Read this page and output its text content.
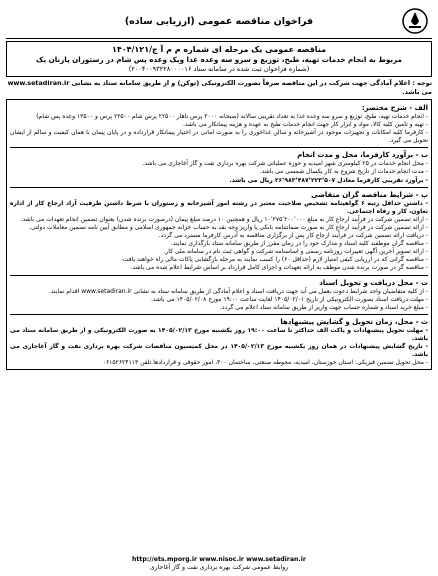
فراخوان مناقصه عمومی (ارزیابی ساده)
مناقصه عمومی یک مرحله ای شماره م م آ ج/۱۴۰۴/۱۲۱
مربوط به انجام خدمات تهیه، طبخ، توزیع و سرو سه وعده غذا ویک وعده پس شام در رستوران پازنان یک
(شماره فراخوان ثبت شده در سامانه ستاد ۲۰۰۴۰۰۹۳۲۲۸۰۰۰۰۱۶)
توجه : اعلام آمادگی جهت شرکت در این مناقصه صرفاً بصورت الکترونیکی (توکن) و از طریق سامانه ستاد به نشانی www.setadiran.ir می باشد.
الف - شرح مختصر:
- انجام خدمات تهیه، طبخ، توزیع و سرو سه وعده غذا به تعداد تقریبی سالانه (صبحانه ۲۰۰۰ پرس ناهار ۲۲۵۰۰ پرس شام ۲۲۵۰۰ پرس و ۱۳۵۰۰ وعده پس شام)
- تهیه و تامین کلیه کالا، مواد و ابزار کار جهت انجام خدمات طبخ به عهده و هزینه پیمانکار می باشد.
- کارفرما کلیه امکانات و تجهیزات موجود در آشپزخانه و سالن غذاخوری را به صورت امانی در اختیار پیمانکار قرارداده و در پایان پیمان با همان کیفیت و سالم از ایشان تحویل می گیرد.
ب - برآورد کارفرما، محل و مدت انجام
- محل انجام خدمات در ۲۵ کیلومتری شهر امیدیه و حوزه عملیاتی شرکت بهره برداری نفت و گاز آغاجاری می باشد.
- مدت انجام خدمات از تاریخ شروع به کار یکسال شمسی می باشد.
- برآورد تقریبی کارفرما معادل ۲۶٬۹۸۳٬۴۸۷٬۲۲۳٬۵۰۷ ریال می باشد.
پ - شرایط مناقصه گران متقاضی
- داشتن حداقل رتبه ۶ گواهینامه تشخیص صلاحیت معتبر در رشته امور آشپزخانه و رستوران با شرط داشتن ظرفیت آزاد ارجاع کار از اداره تعاون، کار و رفاه اجتماعی.
- ارائه تضمین شرکت در فرآیند ارجاع کار به مبلغ ۱۰٬۲۷۵٬۲۰۰٬۰۰۰ ریال و همچنین ۱۰ درصد مبلغ پیمان (درصورت برنده شدن) بعنوان تضمین انجام تعهدات می باشد.
- ارائه تضمین شرکت در فرآیند ارجاع کار به صورت ضمانتنامه بانکی یا واریز وجه نقد به حساب خزانه جمهوری اسلامی و مطابق آیین نامه تضمین معاملات دولتی.
- دریافت ارائه تضمین شرکت در فرآیند ارجاع کار پس از برگزاری مناقصه به آدرس کارفرما مسترد می گردد.
- مناقصه گران موظفند کلیه اسناد و مدارک خود را در زمان مقرر از طریق سامانه ستاد بارگذاری نمایند.
- ارائه تصویر آخرین آگهی تغییرات روزنامه رسمی و اساسنامه شرکت و گواهی ثبت نام در سامانه ملی کار.
- مناقصه گرانی که در ارزیابی کیفی امتیاز لازم (حداقل ۶۰) را کسب نمایند به مرحله بازگشایی پاکات مالی راه خواهند یافت.
- مناقصه گر در صورت برنده شدن موظف به ارائه تعهدات و اجرای کامل قرارداد بر اساس شرایط اعلام شده می باشد.
ت - محل دریافت و تحویل اسناد
- از کلیه متقاضیان واجد شرایط دعوت بعمل می آید جهت دریافت اسناد و اعلام آمادگی از طریق سامانه ستاد به نشانی www.setadiran.ir اقدام نمایند.
- مهلت دریافت اسناد بصورت الکترونیکی از تاریخ ۱۴۰۵/۰۲/۰۱ لغایت ساعت ۱۹:۰۰ مورخ ۱۴۰۵/۰۲/۰۸ می باشد.
- مبلغ خرید اسناد و شماره حساب جهت واریز از طریق سامانه ستاد اعلام می گردد.
ث - محل، زمان تحویل و گشایش پیشنهادها
- مهلت تحویل پیشنهادات و پاکت الف حداکثر تا ساعت ۱۹:۰۰ روز یکشنبه مورخ ۱۴۰۵/۰۲/۱۳ به صورت الکترونیکی و از طریق سامانه ستاد می باشد.
- تاریخ گشایش پیشنهادات در همان روز یکشنبه مورخ ۱۴۰۵/۰۲/۱۳ در محل کمیسیون مناقصات شرکت بهره برداری نفت و گاز آغاجاری می باشد.
- محل تحویل تضمین فیزیکی: استان خوزستان، امیدیه، محوطه صنعتی، ساختمان ۳۰۰، امور حقوقی و قراردادها تلفن ۰۶۱۵۲۶۲۴۱۱۳
http://ets.mporg.ir www.nisoc.ir www.setadiran.ir
روابط عمومی شرکت بهره برداری نفت و گاز آغاجاری
